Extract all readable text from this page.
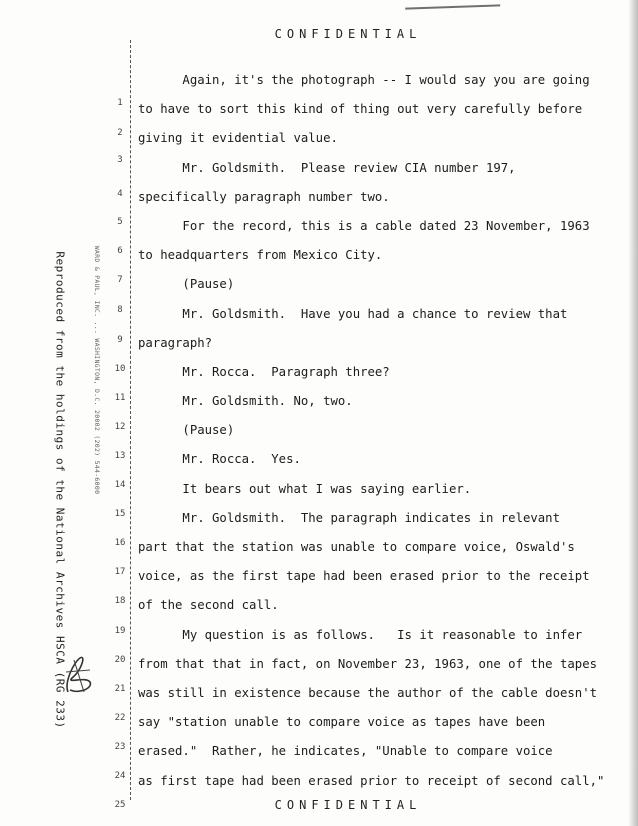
CONFIDENTIAL
1
2
3
4
5
6
7
8
9
10
11
12
13
14
15
16
17
18
19
20
21
22
23
24
25
Reproduced from the holdings of the National Archives HSCA (RG 233)	WARD & PAUL, INC. ... WASHINGTON, D.C. 20002 (202) 544-6000
Again, it's the photograph -- I would say you are going
to have to sort this kind of thing out very carefully before
giving it evidential value.
Mr. Goldsmith.  Please review CIA number 197,
specifically paragraph number two.
For the record, this is a cable dated 23 November, 1963
to headquarters from Mexico City.
(Pause)
Mr. Goldsmith.  Have you had a chance to review that
paragraph?
Mr. Rocca.  Paragraph three?
Mr. Goldsmith. No, two.
(Pause)
Mr. Rocca.  Yes.
It bears out what I was saying earlier.
Mr. Goldsmith.  The paragraph indicates in relevant
part that the station was unable to compare voice, Oswald's
voice, as the first tape had been erased prior to the receipt
of the second call.
My question is as follows.   Is it reasonable to infer
from that that in fact, on November 23, 1963, one of the tapes
was still in existence because the author of the cable doesn't
say "station unable to compare voice as tapes have been
erased."  Rather, he indicates, "Unable to compare voice
as first tape had been erased prior to receipt of second call,"
CONFIDENTIAL
